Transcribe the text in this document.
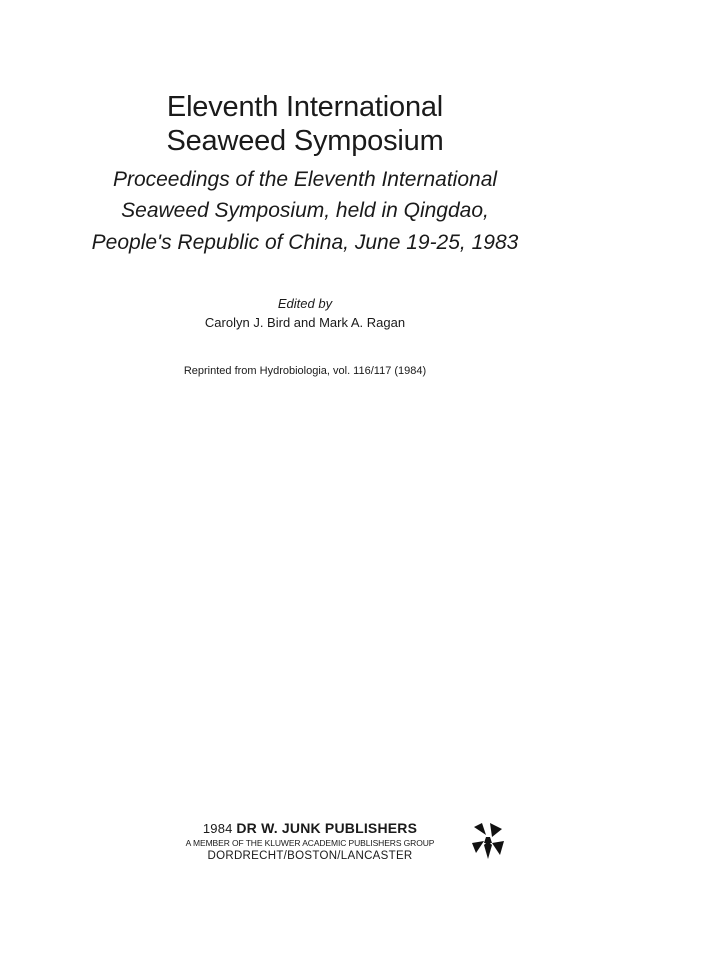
Eleventh International
Seaweed Symposium
Proceedings of the Eleventh International
Seaweed Symposium, held in Qingdao,
People's Republic of China, June 19-25, 1983
Edited by
Carolyn J. Bird and Mark A. Ragan
Reprinted from Hydrobiologia, vol. 116/117 (1984)
1984 DR W. JUNK PUBLISHERS
A MEMBER OF THE KLUWER ACADEMIC PUBLISHERS GROUP
DORDRECHT/BOSTON/LANCASTER
